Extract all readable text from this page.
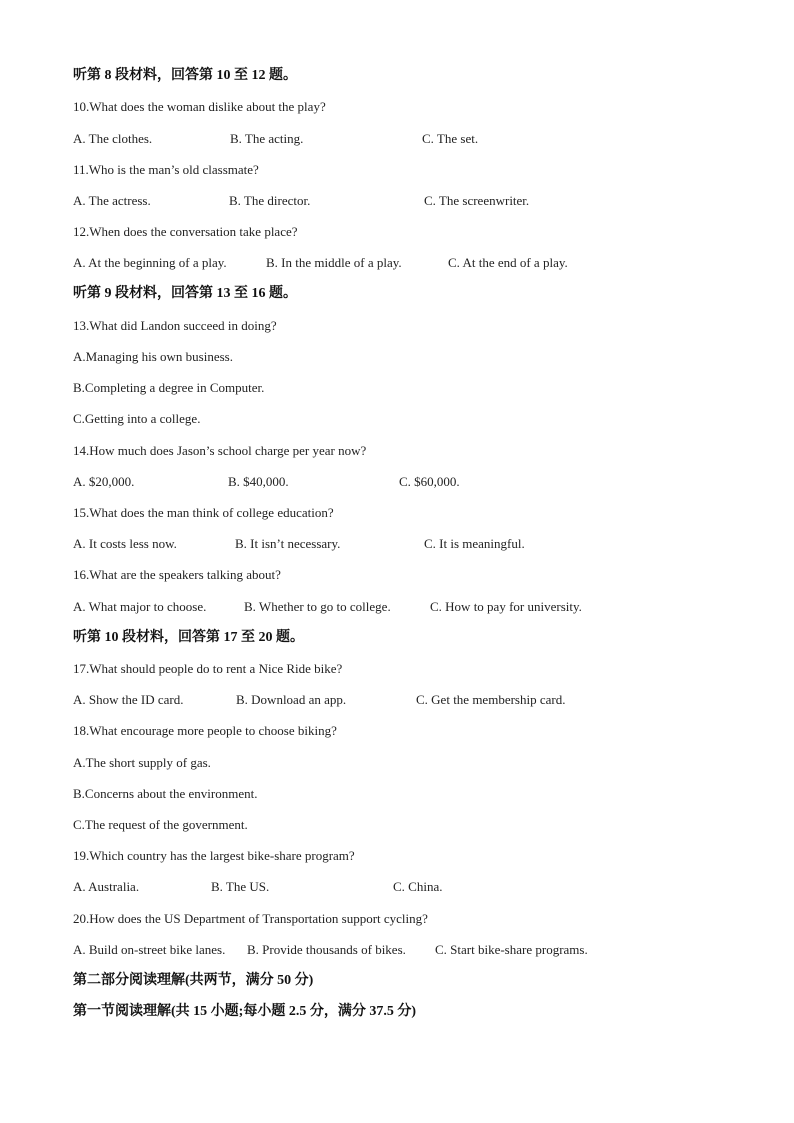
听第 8 段材料，回答第 10 至 12 题。
10.What does the woman dislike about the play?
A. The clothes.	B. The acting.	C. The set.
11.Who is the man’s old classmate?
A. The actress.	B. The director.	C. The screenwriter.
12.When does the conversation take place?
A. At the beginning of a play.	B. In the middle of a play.	C. At the end of a play.
听第 9 段材料，回答第 13 至 16 题。
13.What did Landon succeed in doing?
A.Managing his own business.
B.Completing a degree in Computer.
C.Getting into a college.
14.How much does Jason’s school charge per year now?
A. $20,000.	B. $40,000.	C. $60,000.
15.What does the man think of college education?
A. It costs less now.	B. It isn’t necessary.	C. It is meaningful.
16.What are the speakers talking about?
A. What major to choose.	B. Whether to go to college.	C. How to pay for university.
听第 10 段材料，回答第 17 至 20 题。
17.What should people do to rent a Nice Ride bike?
A. Show the ID card.	B. Download an app.	C. Get the membership card.
18.What encourage more people to choose biking?
A.The short supply of gas.
B.Concerns about the environment.
C.The request of the government.
19.Which country has the largest bike-share program?
A. Australia.	B. The US.	C. China.
20.How does the US Department of Transportation support cycling?
A. Build on-street bike lanes. B. Provide thousands of bikes. C. Start bike-share programs.
第二部分阅读理解(共两节，满分 50 分)
第一节阅读理解(共 15 小题;每小题 2.5 分，满分 37.5 分)
